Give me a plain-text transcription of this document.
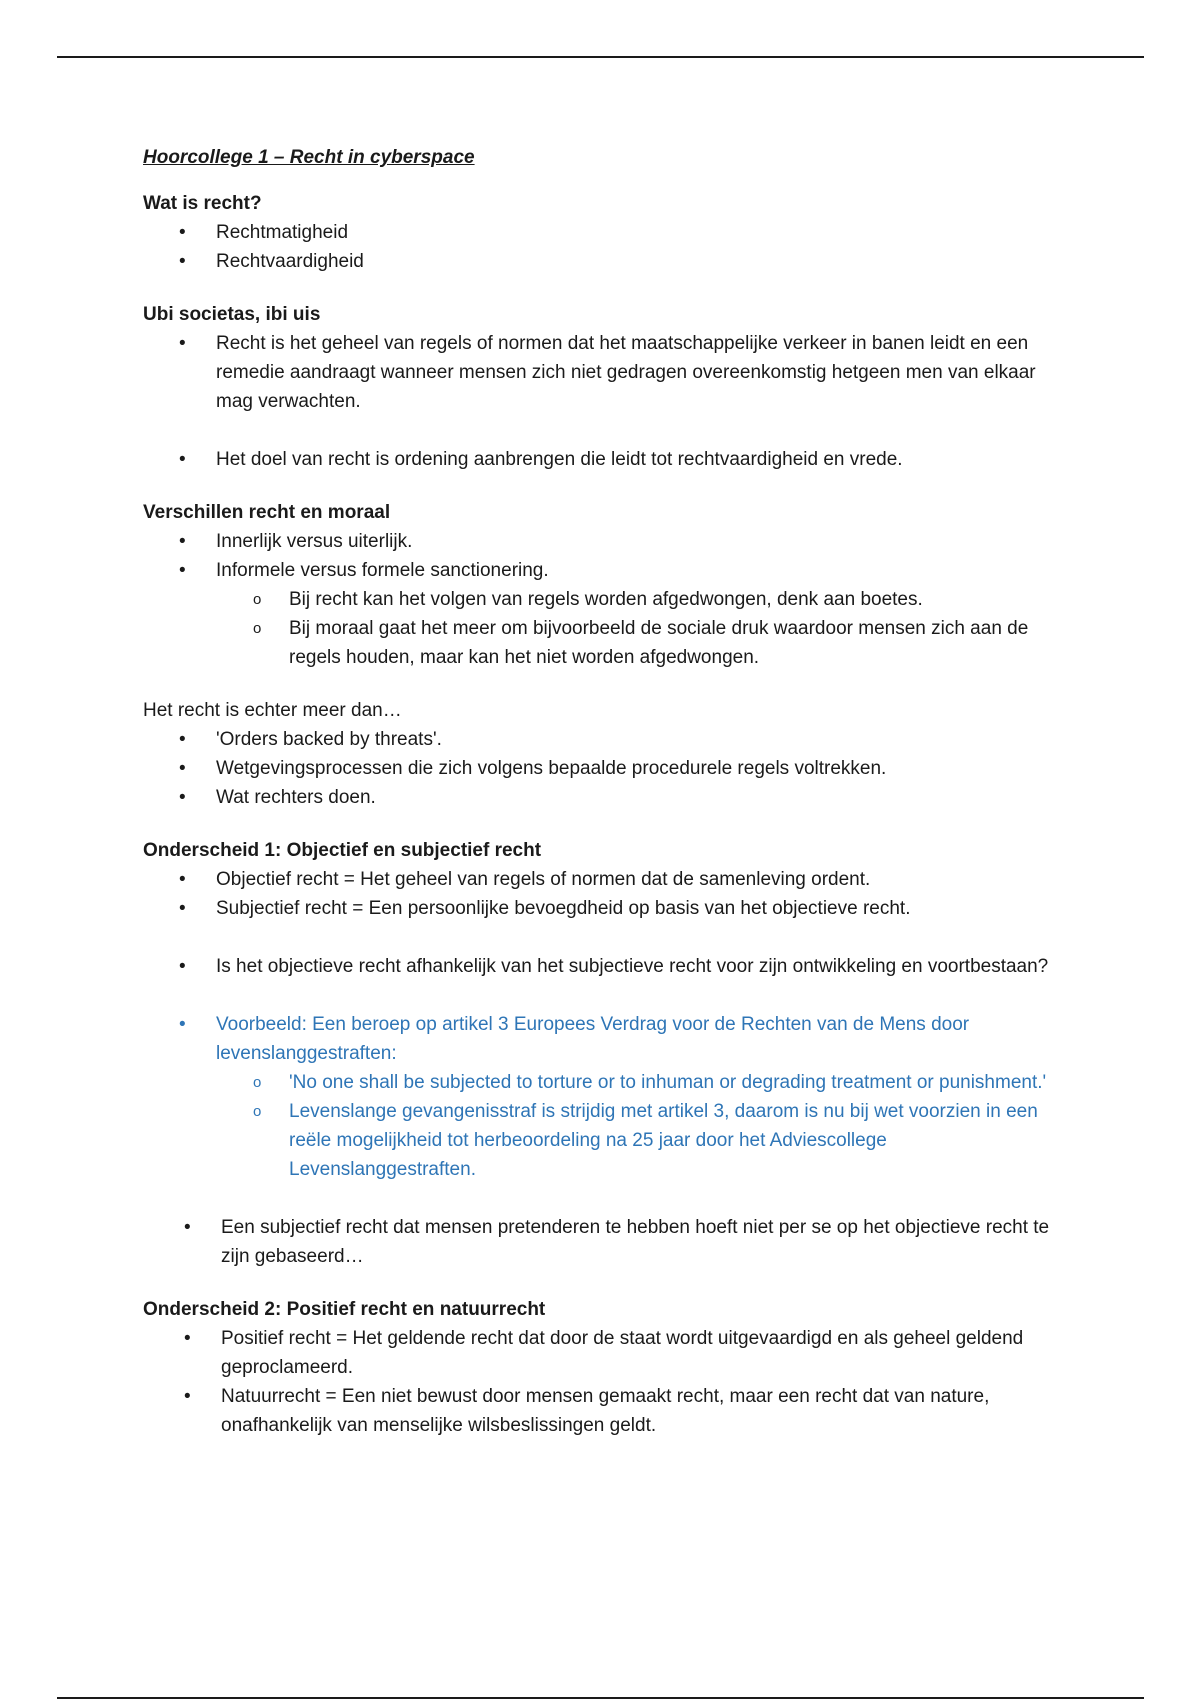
Hoorcollege 1 – Recht in cyberspace

Wat is recht?

• Rechtmatigheid
• Rechtvaardigheid

Ubi societas, ibi uis

• Recht is het geheel van regels of normen dat het maatschappelijke verkeer in banen leidt en een remedie aandraagt wanneer mensen zich niet gedragen overeenkomstig hetgeen men van elkaar mag verwachten.
• Het doel van recht is ordening aanbrengen die leidt tot rechtvaardigheid en vrede.

Verschillen recht en moraal

• Innerlijk versus uiterlijk.
• Informele versus formele sanctionering.
o Bij recht kan het volgen van regels worden afgedwongen, denk aan boetes.
o Bij moraal gaat het meer om bijvoorbeeld de sociale druk waardoor mensen zich aan de regels houden, maar kan het niet worden afgedwongen.

Het recht is echter meer dan…

• 'Orders backed by threats'.
• Wetgevingsprocessen die zich volgens bepaalde procedurele regels voltrekken.
• Wat rechters doen.

Onderscheid 1: Objectief en subjectief recht

• Objectief recht = Het geheel van regels of normen dat de samenleving ordent.
• Subjectief recht = Een persoonlijke bevoegdheid op basis van het objectieve recht.
• Is het objectieve recht afhankelijk van het subjectieve recht voor zijn ontwikkeling en voortbestaan?
• Voorbeeld: Een beroep op artikel 3 Europees Verdrag voor de Rechten van de Mens door levenslanggestraften:
o 'No one shall be subjected to torture or to inhuman or degrading treatment or punishment.'
o Levenslange gevangenisstraf is strijdig met artikel 3, daarom is nu bij wet voorzien in een reële mogelijkheid tot herbeoordeling na 25 jaar door het Adviescollege Levenslanggestraften.
• Een subjectief recht dat mensen pretenderen te hebben hoeft niet per se op het objectieve recht te zijn gebaseerd…

Onderscheid 2: Positief recht en natuurrecht

• Positief recht = Het geldende recht dat door de staat wordt uitgevaardigd en als geheel geldend geproclameerd.
• Natuurrecht = Een niet bewust door mensen gemaakt recht, maar een recht dat van nature, onafhankelijk van menselijke wilsbeslissingen geldt.
